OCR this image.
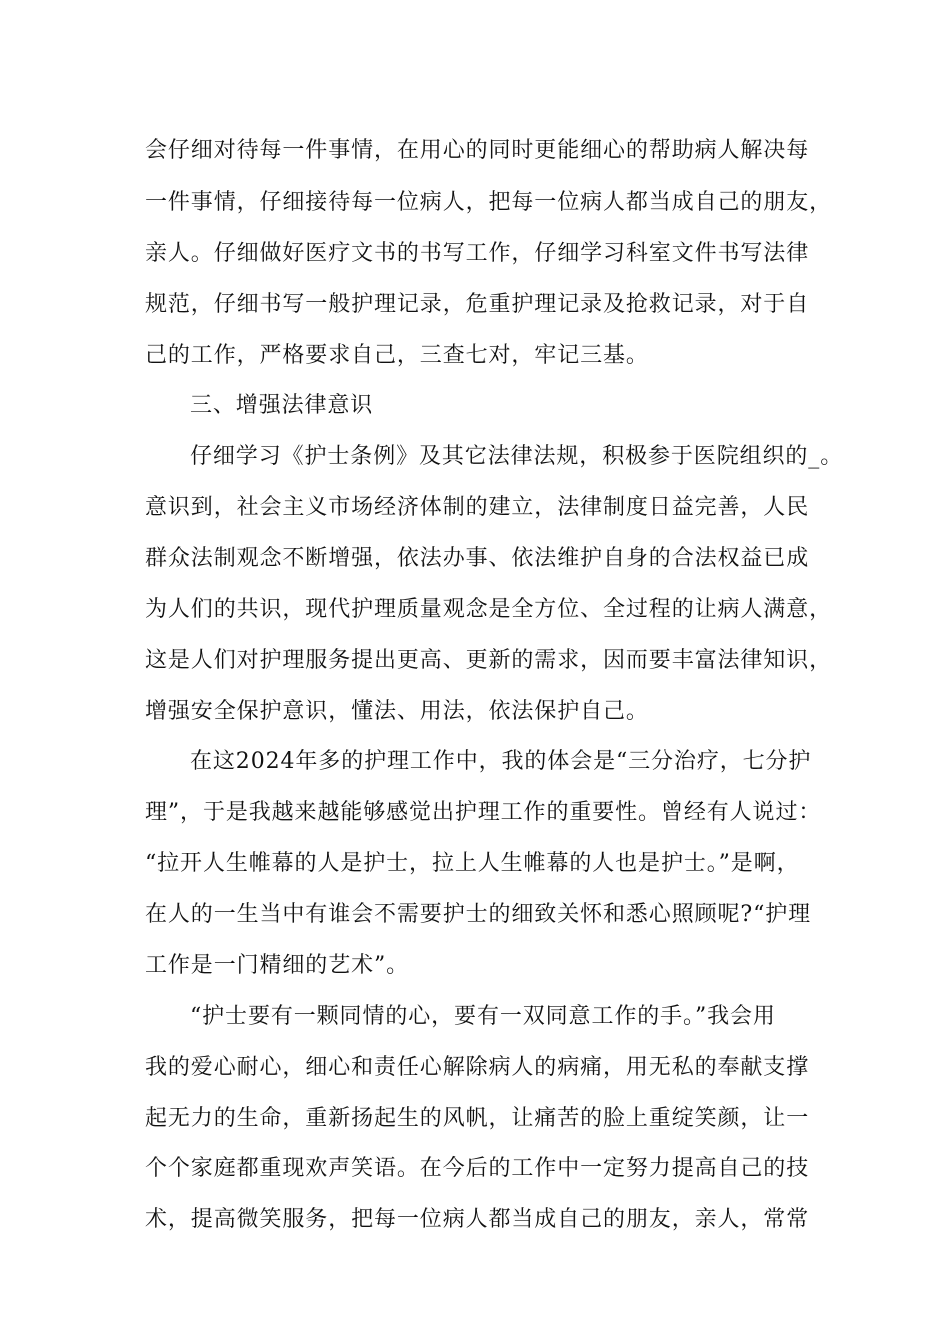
会仔细对待每一件事情，在用心的同时更能细心的帮助病人解决每
一件事情，仔细接待每一位病人，把每一位病人都当成自己的朋友，
亲人。仔细做好医疗文书的书写工作，仔细学习科室文件书写法律
规范，仔细书写一般护理记录，危重护理记录及抢救记录，对于自
己的工作，严格要求自己，三查七对，牢记三基。
三、增强法律意识
仔细学习《护士条例》及其它法律法规，积极参于医院组织的_。
意识到，社会主义市场经济体制的建立，法律制度日益完善，人民
群众法制观念不断增强，依法办事、依法维护自身的合法权益已成
为人们的共识，现代护理质量观念是全方位、全过程的让病人满意，
这是人们对护理服务提出更高、更新的需求，因而要丰富法律知识，
增强安全保护意识，懂法、用法，依法保护自己。
在这2024年多的护理工作中，我的体会是“三分治疗，七分护
理”，于是我越来越能够感觉出护理工作的重要性。曾经有人说过：
“拉开人生帷幕的人是护士，拉上人生帷幕的人也是护士。”是啊，
在人的一生当中有谁会不需要护士的细致关怀和悉心照顾呢?“护理
工作是一门精细的艺术”。
“护士要有一颗同情的心，要有一双同意工作的手。”我会用
我的爱心耐心，细心和责任心解除病人的病痛，用无私的奉献支撑
起无力的生命，重新扬起生的风帆，让痛苦的脸上重绽笑颜，让一
个个家庭都重现欢声笑语。在今后的工作中一定努力提高自己的技
术，提高微笑服务，把每一位病人都当成自己的朋友，亲人，常常
